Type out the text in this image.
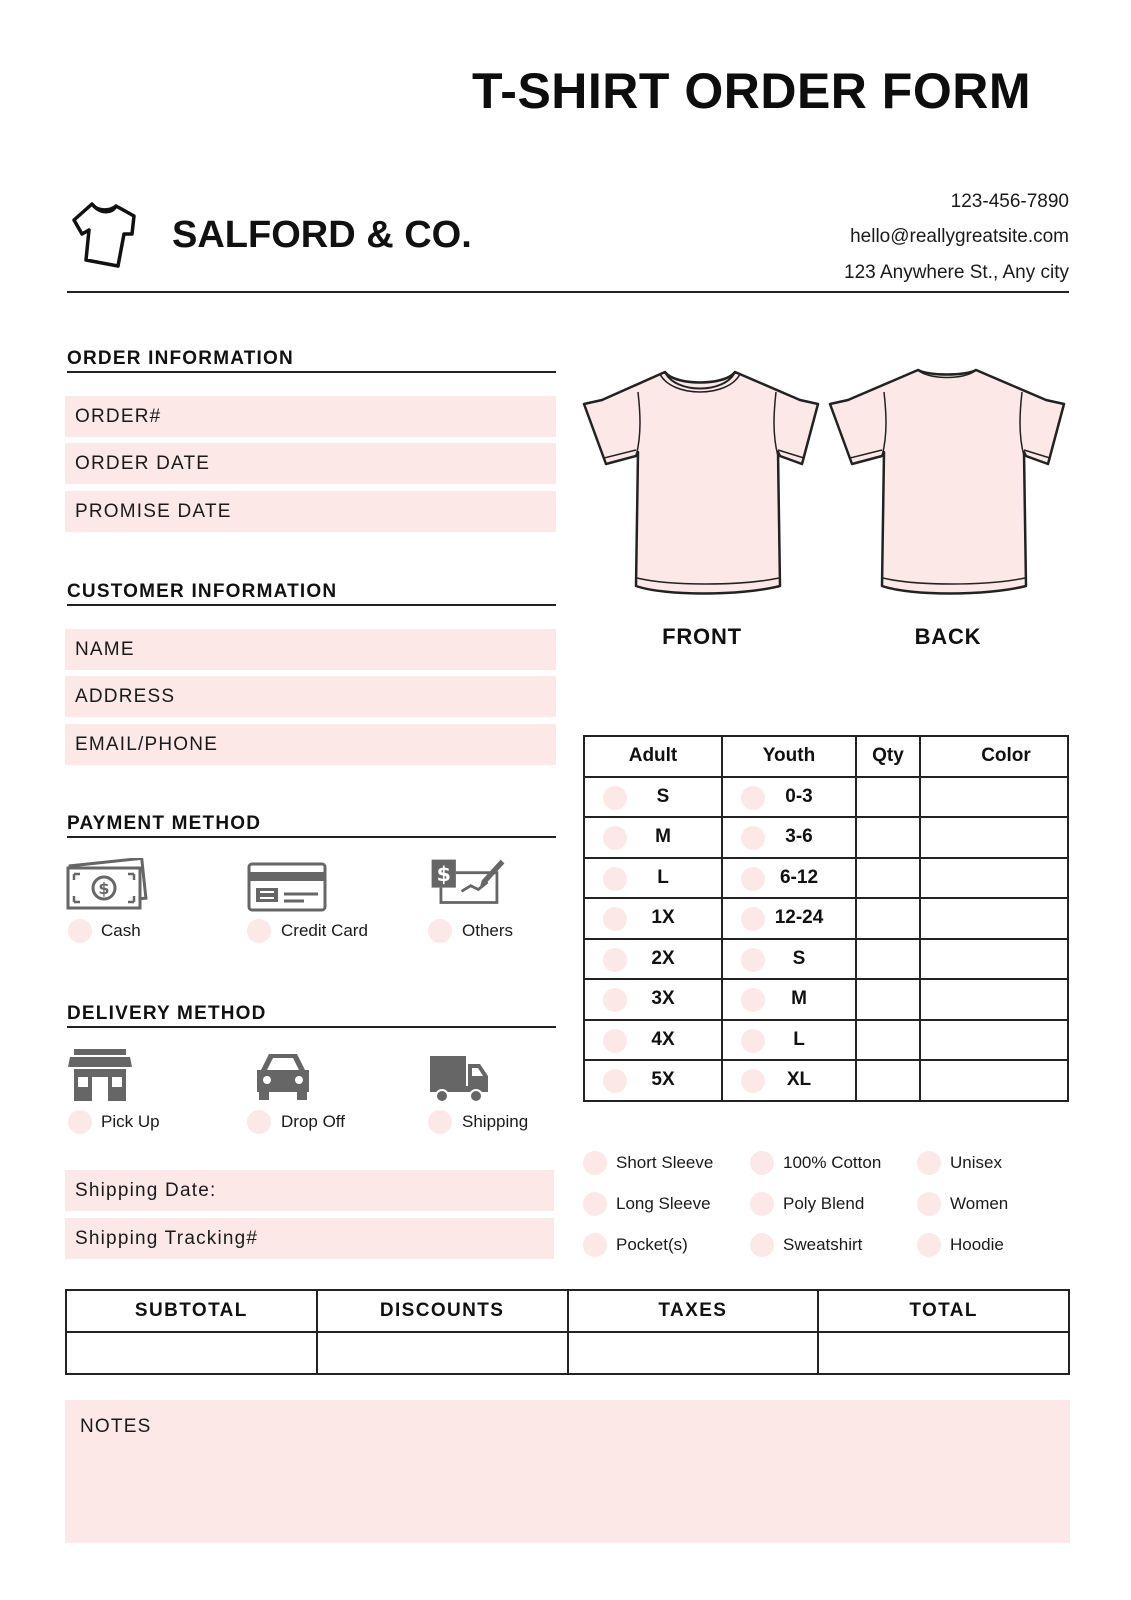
T-SHIRT ORDER FORM
SALFORD & CO.
123-456-7890
hello@reallygreatsite.com
123 Anywhere St., Any city
ORDER INFORMATION
ORDER#
ORDER DATE
PROMISE DATE
CUSTOMER INFORMATION
NAME
ADDRESS
EMAIL/PHONE
PAYMENT METHOD
$
$
Cash	Credit Card	Others
DELIVERY METHOD
Pick Up	Drop Off	Shipping
Shipping Date:
Shipping Tracking#
FRONT	BACK
Adult	Youth	Qty	Color

S	0-3		

M	3-6		

L	6-12		

1X	12-24		

2X	S		

3X	M		

4X	L		

5X	XL		

Short Sleeve	100% Cotton	Unisex
Long Sleeve	Poly Blend	Women
Pocket(s)	Sweatshirt	Hoodie
SUBTOTAL	DISCOUNTS	TAXES	TOTAL

NOTES
